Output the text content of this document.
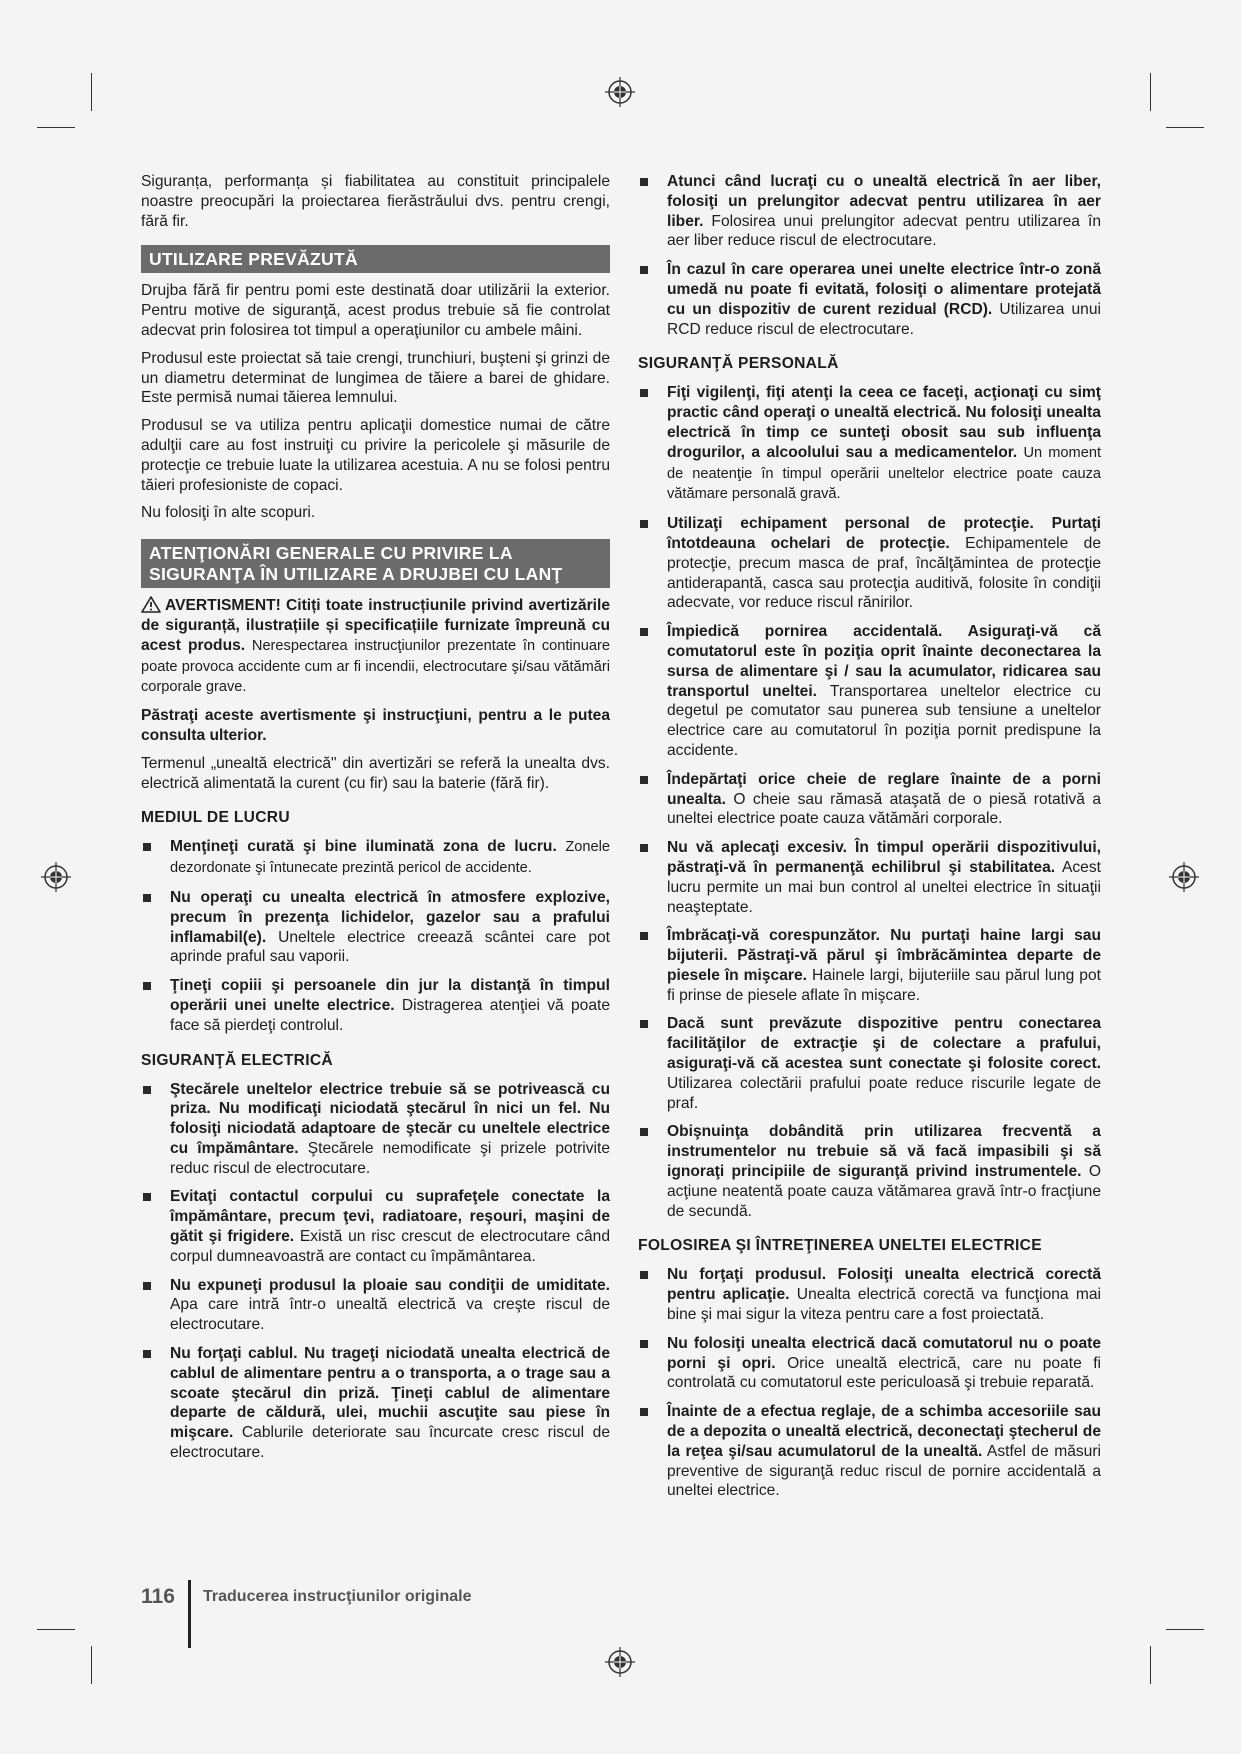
Siguranța, performanța și fiabilitatea au constituit principalele noastre preocupări la proiectarea fierăstrăului dvs. pentru crengi, fără fir.

UTILIZARE PREVĂZUTĂ

Drujba fără fir pentru pomi este destinată doar utilizării la exterior. Pentru motive de siguranţă, acest produs trebuie să fie controlat adecvat prin folosirea tot timpul a operaţiunilor cu ambele mâini.

Produsul este proiectat să taie crengi, trunchiuri, buşteni şi grinzi de un diametru determinat de lungimea de tăiere a barei de ghidare. Este permisă numai tăierea lemnului.

Produsul se va utiliza pentru aplicaţii domestice numai de către adulţii care au fost instruiţi cu privire la pericolele şi măsurile de protecţie ce trebuie luate la utilizarea acestuia. A nu se folosi pentru tăieri profesioniste de copaci.

Nu folosiţi în alte scopuri.

ATENŢIONĂRI GENERALE CU PRIVIRE LA
SIGURANŢA ÎN UTILIZARE A DRUJBEI CU LANŢ

AVERTISMENT! Citiți toate instrucțiunile privind avertizările de siguranță, ilustrațiile și specificațiile furnizate împreună cu acest produs. Nerespectarea instrucţiunilor prezentate în continuare poate provoca accidente cum ar fi incendii, electrocutare şi/sau vătămări corporale grave.

Păstraţi aceste avertismente şi instrucţiuni, pentru a le putea consulta ulterior.

Termenul „unealtă electrică" din avertizări se referă la unealta dvs. electrică alimentată la curent (cu fir) sau la baterie (fără fir).

MEDIUL DE LUCRU
Menţineţi curată şi bine iluminată zona de lucru. Zonele dezordonate şi întunecate prezintă pericol de accidente.
Nu operaţi cu unealta electrică în atmosfere explozive, precum în prezenţa lichidelor, gazelor sau a prafului inflamabil(e). Uneltele electrice creează scântei care pot aprinde praful sau vaporii.
Ţineţi copiii şi persoanele din jur la distanţă în timpul operării unei unelte electrice. Distragerea atenţiei vă poate face să pierdeţi controlul.
SIGURANŢĂ ELECTRICĂ
Ştecărele uneltelor electrice trebuie să se potrivească cu priza. Nu modificaţi niciodată ştecărul în nici un fel. Nu folosiţi niciodată adaptoare de ştecăr cu uneltele electrice cu împământare. Ştecărele nemodificate şi prizele potrivite reduc riscul de electrocutare.
Evitaţi contactul corpului cu suprafeţele conectate la împământare, precum ţevi, radiatoare, reşouri, maşini de gătit şi frigidere. Există un risc crescut de electrocutare când corpul dumneavoastră are contact cu împământarea.
Nu expuneţi produsul la ploaie sau condiţii de umiditate. Apa care intră într-o unealtă electrică va creşte riscul de electrocutare.
Nu forţaţi cablul. Nu trageţi niciodată unealta electrică de cablul de alimentare pentru a o transporta, a o trage sau a scoate ştecărul din priză. Ţineţi cablul de alimentare departe de căldură, ulei, muchii ascuţite sau piese în mişcare. Cablurile deteriorate sau încurcate cresc riscul de electrocutare.
Atunci când lucraţi cu o unealtă electrică în aer liber, folosiţi un prelungitor adecvat pentru utilizarea în aer liber. Folosirea unui prelungitor adecvat pentru utilizarea în aer liber reduce riscul de electrocutare.
În cazul în care operarea unei unelte electrice într-o zonă umedă nu poate fi evitată, folosiţi o alimentare protejată cu un dispozitiv de curent rezidual (RCD). Utilizarea unui RCD reduce riscul de electrocutare.
SIGURANŢĂ PERSONALĂ
Fiţi vigilenţi, fiţi atenţi la ceea ce faceţi, acţionaţi cu simţ practic când operaţi o unealtă electrică. Nu folosiţi unealta electrică în timp ce sunteţi obosit sau sub influenţa drogurilor, a alcoolului sau a medicamentelor. Un moment de neatenţie în timpul operării uneltelor electrice poate cauza vătămare personală gravă.
Utilizaţi echipament personal de protecţie. Purtaţi întotdeauna ochelari de protecţie. Echipamentele de protecţie, precum masca de praf, încălţămintea de protecţie antiderapantă, casca sau protecţia auditivă, folosite în condiţii adecvate, vor reduce riscul rănirilor.
Împiedică pornirea accidentală. Asiguraţi-vă că comutatorul este în poziţia oprit înainte deconectarea la sursa de alimentare şi / sau la acumulator, ridicarea sau transportul uneltei. Transportarea uneltelor electrice cu degetul pe comutator sau punerea sub tensiune a uneltelor electrice care au comutatorul în poziţia pornit predispune la accidente.
Îndepărtaţi orice cheie de reglare înainte de a porni unealta. O cheie sau rămasă ataşată de o piesă rotativă a uneltei electrice poate cauza vătămări corporale.
Nu vă aplecaţi excesiv. În timpul operării dispozitivului, păstraţi-vă în permanenţă echilibrul şi stabilitatea. Acest lucru permite un mai bun control al uneltei electrice în situaţii neaşteptate.
Îmbrăcaţi-vă corespunzător. Nu purtaţi haine largi sau bijuterii. Păstraţi-vă părul şi îmbrăcămintea departe de piesele în mişcare. Hainele largi, bijuteriile sau părul lung pot fi prinse de piesele aflate în mişcare.
Dacă sunt prevăzute dispozitive pentru conectarea facilităţilor de extracţie şi de colectare a prafului, asiguraţi-vă că acestea sunt conectate şi folosite corect. Utilizarea colectării prafului poate reduce riscurile legate de praf.
Obişnuinţa dobândită prin utilizarea frecventă a instrumentelor nu trebuie să vă facă impasibili şi să ignoraţi principiile de siguranţă privind instrumentele. O acţiune neatentă poate cauza vătămarea gravă într-o fracţiune de secundă.
FOLOSIREA ŞI ÎNTREŢINEREA UNELTEI ELECTRICE
Nu forţaţi produsul. Folosiţi unealta electrică corectă pentru aplicaţie. Unealta electrică corectă va funcţiona mai bine şi mai sigur la viteza pentru care a fost proiectată.
Nu folosiţi unealta electrică dacă comutatorul nu o poate porni şi opri. Orice unealtă electrică, care nu poate fi controlată cu comutatorul este periculoasă şi trebuie reparată.
Înainte de a efectua reglaje, de a schimba accesoriile sau de a depozita o unealtă electrică, deconectaţi ştecherul de la reţea şi/sau acumulatorul de la unealtă. Astfel de măsuri preventive de siguranţă reduc riscul de pornire accidentală a uneltei electrice.
116 Traducerea instrucţiunilor originale
